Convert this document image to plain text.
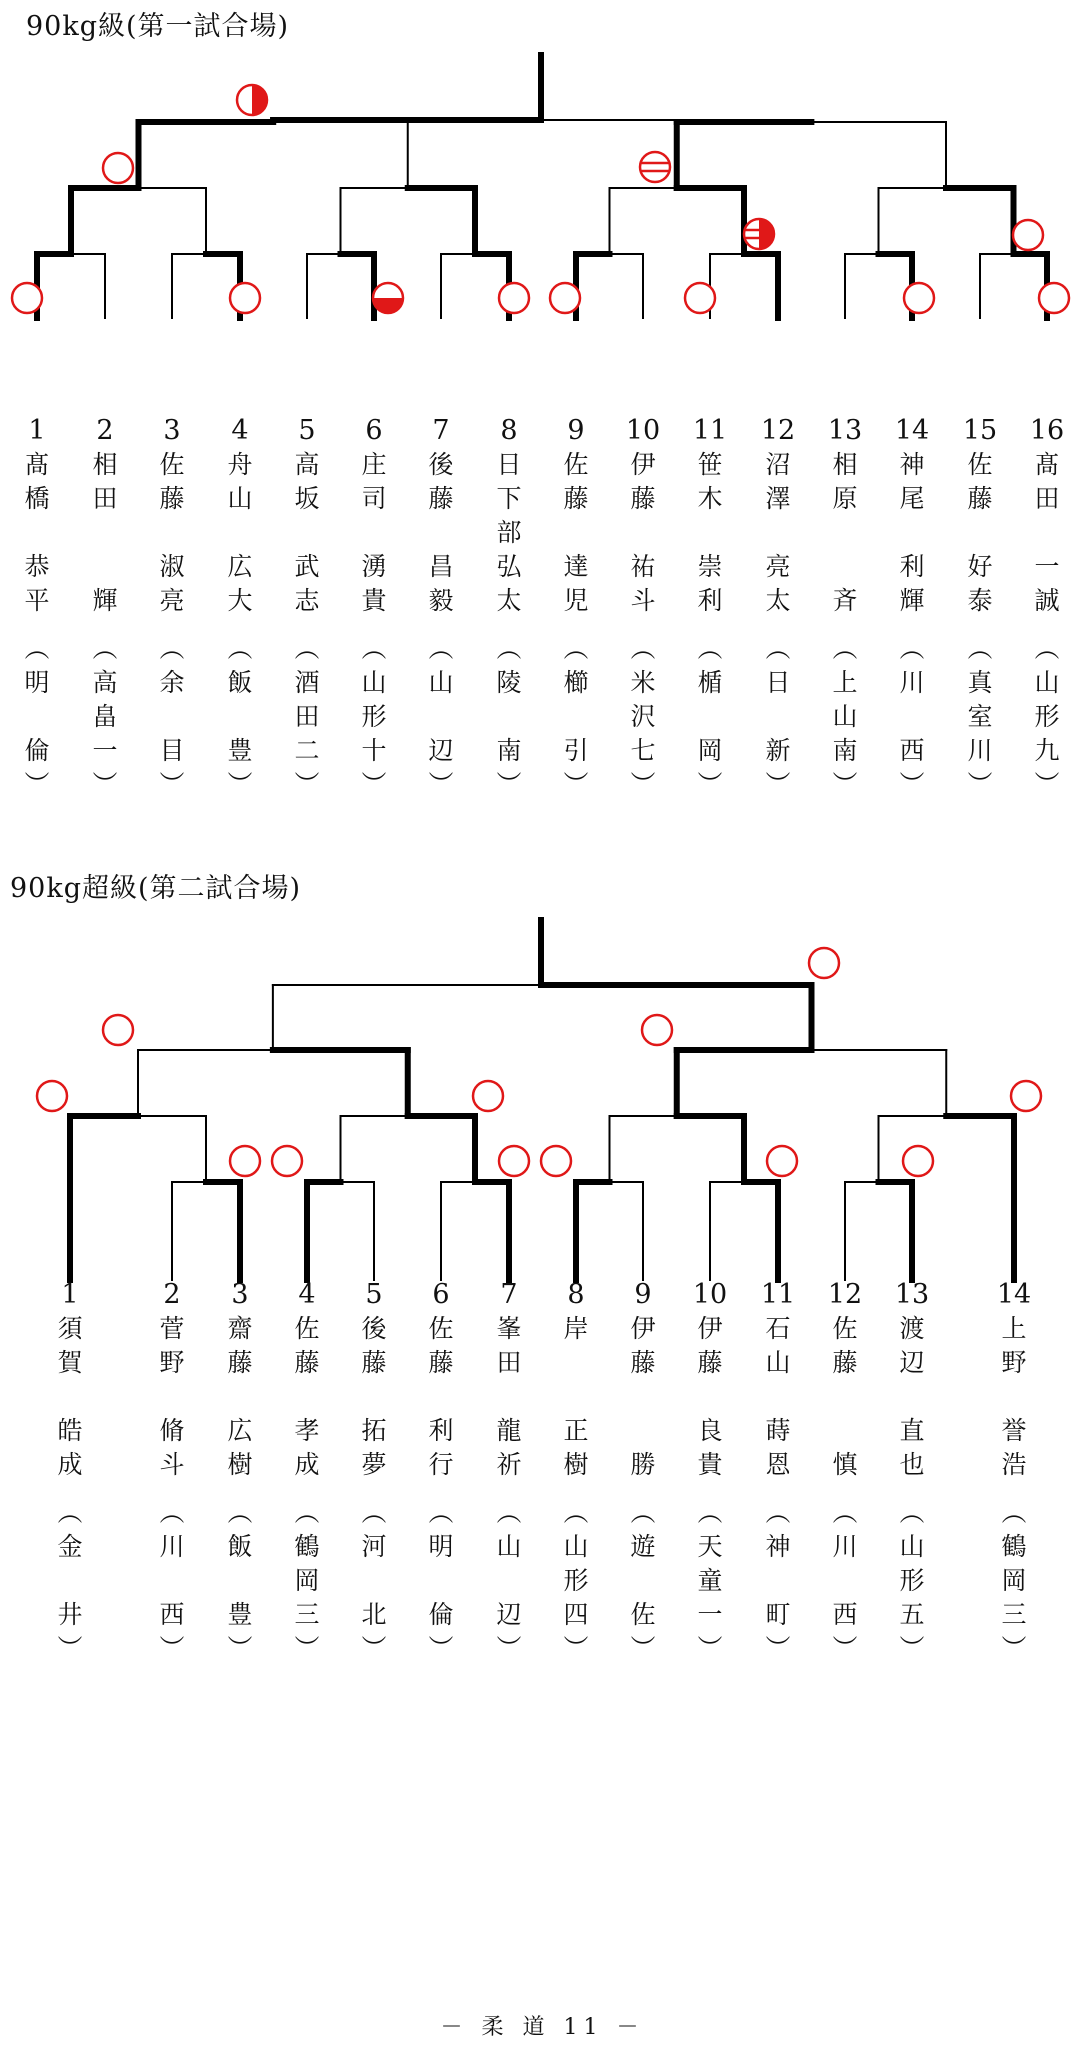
90kg級(第一試合場)
1
髙
橋

恭
平
︵
明

倫
︶
2
相
田

輝
︵
高
畠
一
︶
3
佐
藤

淑
亮
︵
余

目
︶
4
舟
山

広
大
︵
飯

豊
︶
5
高
坂

武
志
︵
酒
田
二
︶
6
庄
司

湧
貴
︵
山
形
十
︶
7
後
藤

昌
毅
︵
山

辺
︶
8
日
下
部
弘
太
︵
陵

南
︶
9
佐
藤

達
児
︵
櫛

引
︶
10
伊
藤

祐
斗
︵
米
沢
七
︶
11
笹
木

崇
利
︵
楯

岡
︶
12
沼
澤

亮
太
︵
日

新
︶
13
相
原

斉
︵
上
山
南
︶
14
神
尾

利
輝
︵
川

西
︶
15
佐
藤

好
泰
︵
真
室
川
︶
16
髙
田

一
誠
︵
山
形
九
︶
90kg超級(第二試合場)
1
須
賀

皓
成
︵
金

井
︶
2
菅
野

脩
斗
︵
川

西
︶
3
齋
藤

広
樹
︵
飯

豊
︶
4
佐
藤

孝
成
︵
鶴
岡
三
︶
5
後
藤

拓
夢
︵
河

北
︶
6
佐
藤

利
行
︵
明

倫
︶
7
峯
田

龍
祈
︵
山

辺
︶
8
岸

正
樹
︵
山
形
四
︶
9
伊
藤

勝
︵
遊

佐
︶
10
伊
藤

良
貴
︵
天
童
一
︶
11
石
山

蒔
恩
︵
神

町
︶
12
佐
藤

慎
︵
川

西
︶
13
渡
辺

直
也
︵
山
形
五
︶
14
上
野

誉
浩
︵
鶴
岡
三
︶
－ 柔 道 11 －
